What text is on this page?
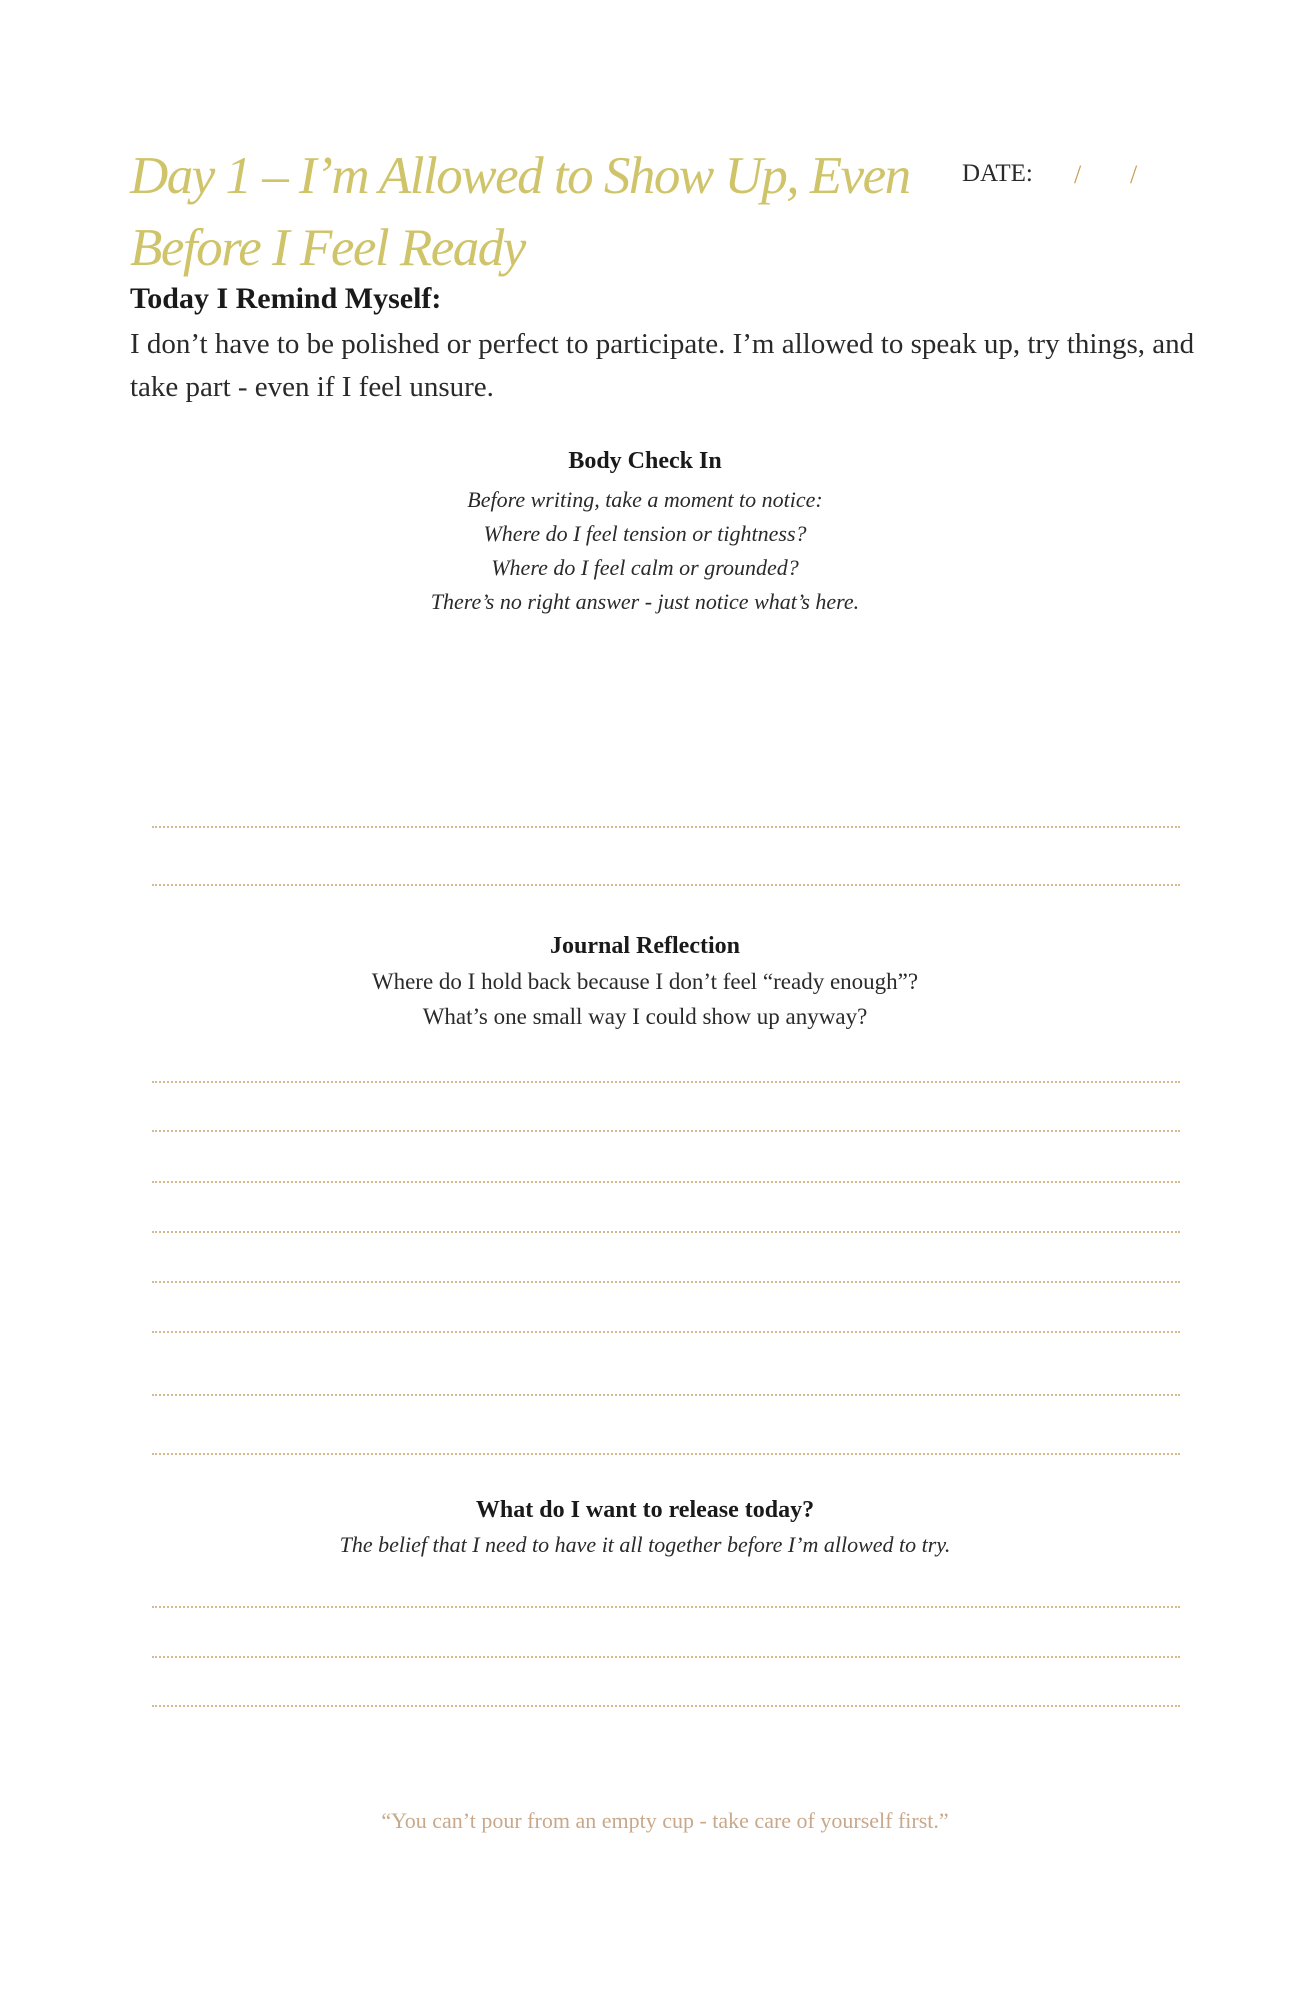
Day 1 – I’m Allowed to Show Up, Even Before I Feel Ready
DATE: / /
Today I Remind Myself:

I don’t have to be polished or perfect to participate. I’m allowed to speak up, try things, and take part - even if I feel unsure.

Body Check In

Before writing, take a moment to notice:

Where do I feel tension or tightness?

Where do I feel calm or grounded?

There’s no right answer - just notice what’s here.

Journal Reflection

Where do I hold back because I don’t feel “ready enough”?

What’s one small way I could show up anyway?

What do I want to release today?

The belief that I need to have it all together before I’m allowed to try.

“You can’t pour from an empty cup - take care of yourself first.”
